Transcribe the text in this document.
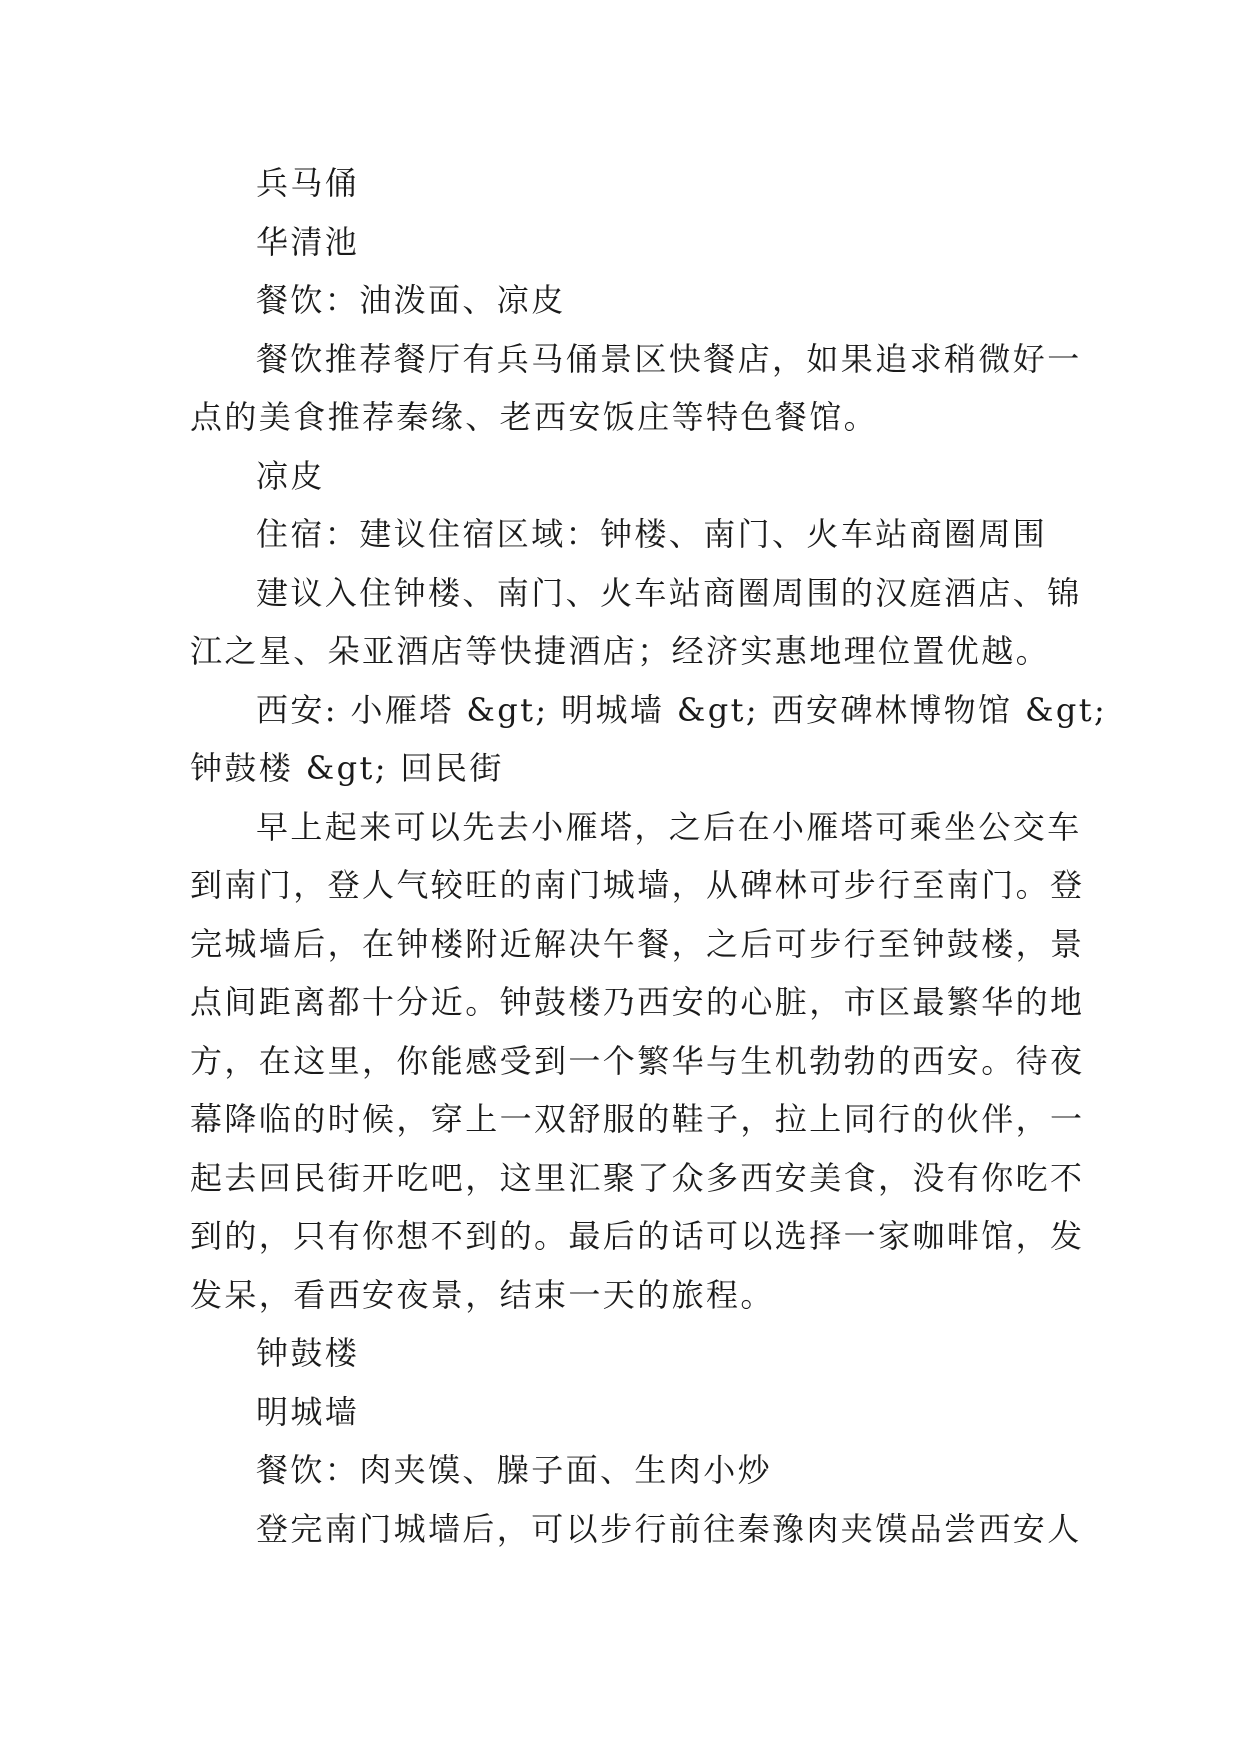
兵马俑
华清池
餐饮：油泼面、凉皮
餐饮推荐餐厅有兵马俑景区快餐店，如果追求稍微好一
点的美食推荐秦缘、老西安饭庄等特色餐馆。
凉皮
住宿：建议住宿区域：钟楼、南门、火车站商圈周围
建议入住钟楼、南门、火车站商圈周围的汉庭酒店、锦
江之星、朵亚酒店等快捷酒店；经济实惠地理位置优越。
西安: 小雁塔 &gt; 明城墙 &gt; 西安碑林博物馆 &gt;
钟鼓楼 &gt; 回民街
早上起来可以先去小雁塔，之后在小雁塔可乘坐公交车
到南门，登人气较旺的南门城墙，从碑林可步行至南门。登
完城墙后，在钟楼附近解决午餐，之后可步行至钟鼓楼，景
点间距离都十分近。钟鼓楼乃西安的心脏，市区最繁华的地
方，在这里，你能感受到一个繁华与生机勃勃的西安。待夜
幕降临的时候，穿上一双舒服的鞋子，拉上同行的伙伴，一
起去回民街开吃吧，这里汇聚了众多西安美食，没有你吃不
到的，只有你想不到的。最后的话可以选择一家咖啡馆，发
发呆，看西安夜景，结束一天的旅程。
钟鼓楼
明城墙
餐饮：肉夹馍、臊子面、生肉小炒
登完南门城墙后，可以步行前往秦豫肉夹馍品尝西安人
